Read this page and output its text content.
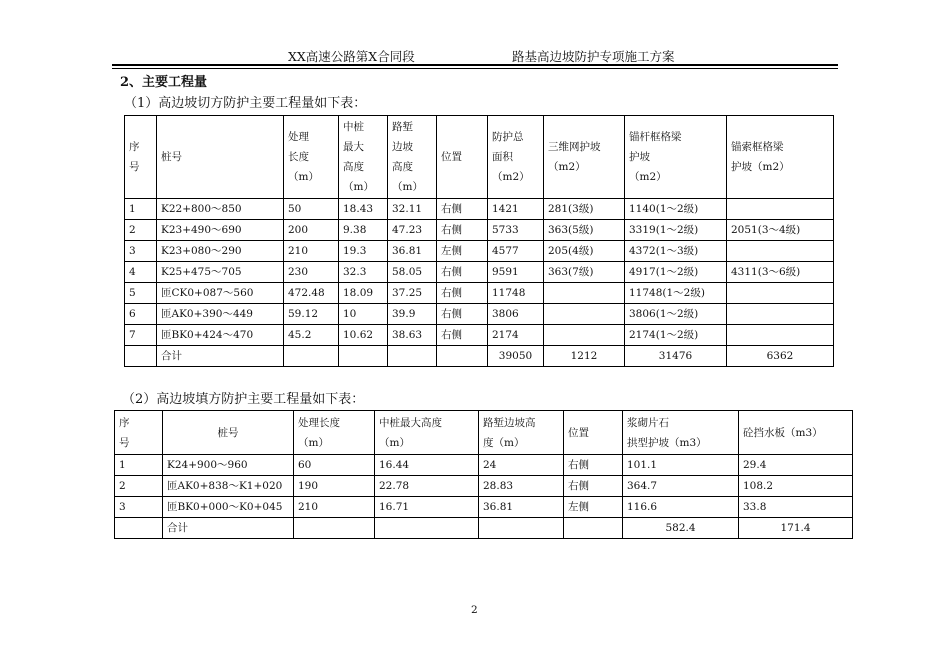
XX高速公路第X合同段	路基高边坡防护专项施工方案
2、主要工程量
（1）高边坡切方防护主要工程量如下表：
序
号	桩号	处理
长度
（m）	中桩
最大
高度
（m）	路堑
边坡
高度
（m）	位置	防护总
面积
（m2）	三维网护坡
（m2）	锚杆框格梁
护坡
（m2）	锚索框格梁
护坡（m2）
1	K22+800～850	50	18.43	32.11	右侧	1421	281(3级)	1140(1～2级)	
2	K23+490～690	200	9.38	47.23	右侧	5733	363(5级)	3319(1～2级)	2051(3～4级)
3	K23+080～290	210	19.3	36.81	左侧	4577	205(4级)	4372(1～3级)	
4	K25+475～705	230	32.3	58.05	右侧	9591	363(7级)	4917(1～2级)	4311(3～6级)
5	匝CK0+087～560	472.48	18.09	37.25	右侧	11748		11748(1～2级)	
6	匝AK0+390～449	59.12	10	39.9	右侧	3806		3806(1～2级)	
7	匝BK0+424～470	45.2	10.62	38.63	右侧	2174		2174(1～2级)	
	合计					39050	1212	31476	6362
（2）高边坡填方防护主要工程量如下表：
序
号	桩号	处理长度
（m）	中桩最大高度
（m）	路堑边坡高
度（m）	位置	浆砌片石
拱型护坡（m3）	砼挡水板（m3）
1	K24+900～960	60	16.44	24	右侧	101.1	29.4
2	匝AK0+838～K1+020	190	22.78	28.83	右侧	364.7	108.2
3	匝BK0+000～K0+045	210	16.71	36.81	左侧	116.6	33.8
	合计					582.4	171.4
2
